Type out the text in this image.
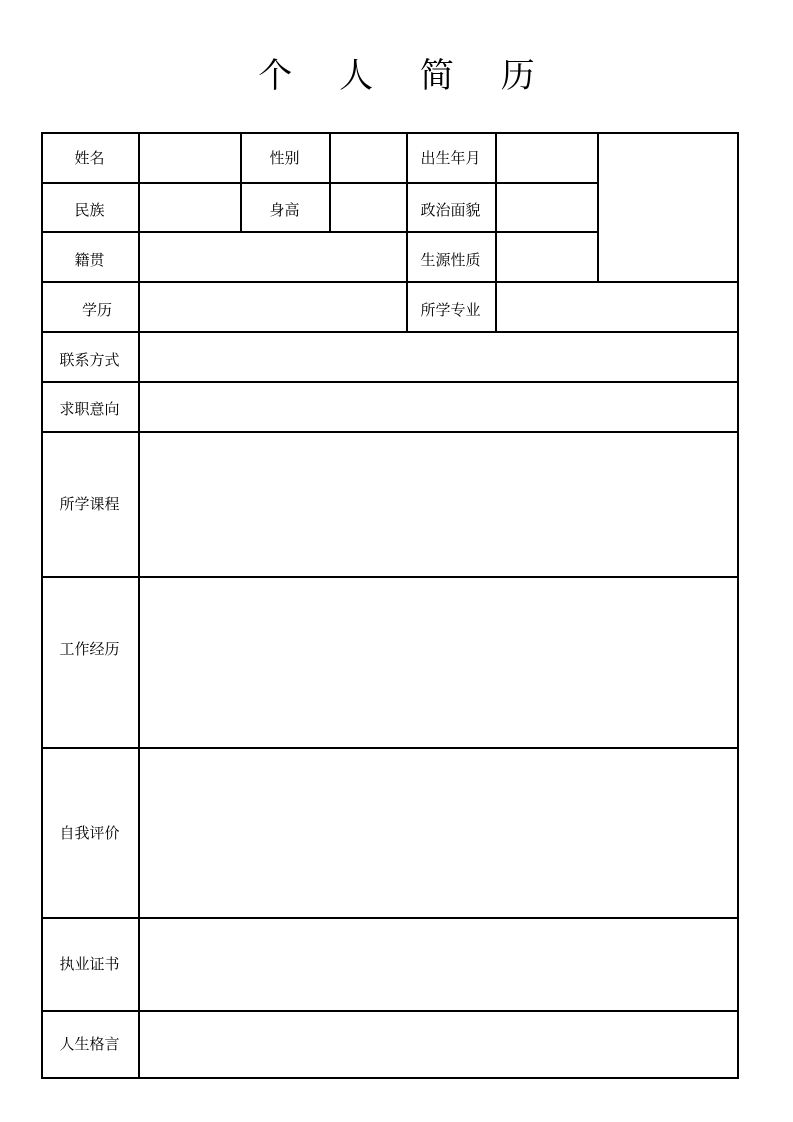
个 人 简 历
姓名	性别	出生年月
民族	身高	政治面貌
籍贯	生源性质
学历	所学专业
联系方式
求职意向
所学课程
工作经历
自我评价
执业证书
人生格言
